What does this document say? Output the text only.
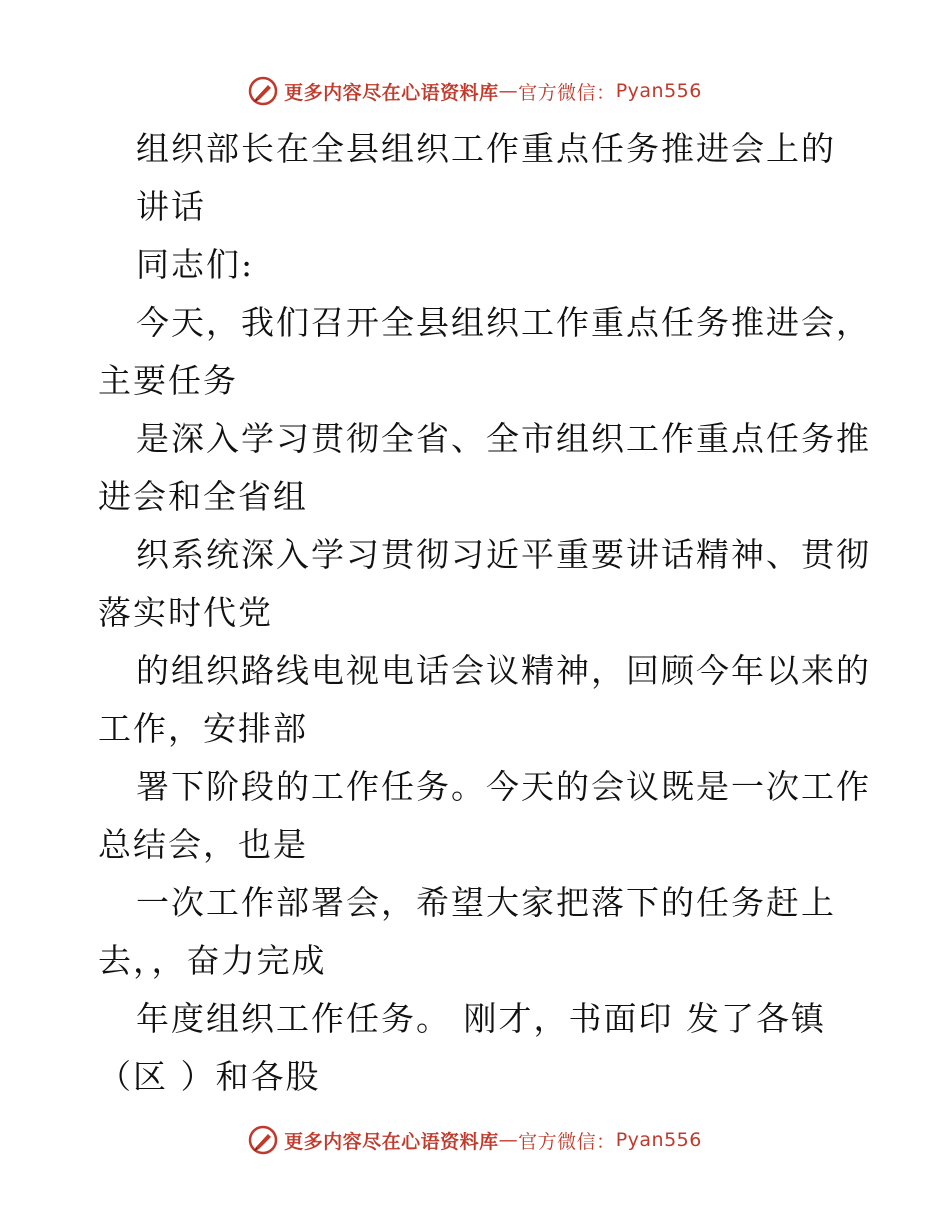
更多内容尽在心语资料库 — 官方微信： Pyan556
组织部长在全县组织工作重点任务推进会上的
讲话
同志们:
今天，我们召开全县组织工作重点任务推进会，
主要任务
是深入学习贯彻全省、全市组织工作重点任务推
进会和全省组
织系统深入学习贯彻习近平重要讲话精神、贯彻
落实时代党
的组织路线电视电话会议精神，回顾今年以来的
工作，安排部
署下阶段的工作任务。今天的会议既是一次工作
总结会，也是
一次工作部署会，希望大家把落下的任务赶上
去，，奋力完成
年度组织工作任务。 刚才，书面印 发了各镇
（区 ）和各股
更多内容尽在心语资料库 — 官方微信： Pyan556
